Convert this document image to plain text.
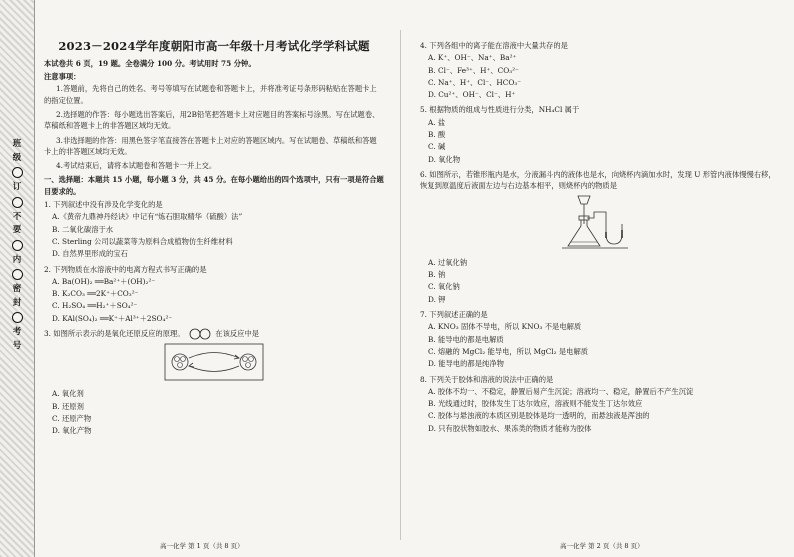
班
级
订
不
要
内
密
封
考
号
2023－2024学年度朝阳市高一年级十月考试化学学科试题
本试卷共 6 页，19 题。全卷满分 100 分。考试用时 75 分钟。
注意事项：
1.答题前，先将自己的姓名、考号等填写在试题卷和答题卡上，并将准考证号条形码粘贴在答题卡上的指定位置。
2.选择题的作答：每小题选出答案后，用2B铅笔把答题卡上对应题目的答案标号涂黑。写在试题卷、草稿纸和答题卡上的非答题区域均无效。
3.非选择题的作答：用黑色签字笔直接答在答题卡上对应的答题区域内。写在试题卷、草稿纸和答题卡上的非答题区域均无效。
4.考试结束后，请将本试题卷和答题卡一并上交。
一、选择题：本题共 15 小题，每小题 3 分，共 45 分。在每小题给出的四个选项中，只有一项是符合题目要求的。
1. 下列叙述中没有涉及化学变化的是
A.《黄帝九鼎神丹经诀》中记有“炼石胆取精华（硫酸）法”
B. 二氧化碳溶于水
C. Sterling 公司以蔬菜等为原料合成植物仿生纤维材料
D. 自然界里形成的宝石
2. 下列物质在水溶液中的电离方程式书写正确的是
A. Ba(OH)₂ ══Ba²⁺＋(OH)₂²⁻
B. K₂CO₃ ══2K⁺＋CO₃²⁻
C. H₂SO₄ ══H₂⁺＋SO₄²⁻
D. KAl(SO₄)₂ ══K⁺＋Al³⁺＋2SO₄²⁻
3. 如图所示表示的是氧化还原反应的原理。	在该反应中是
A. 氧化剂
B. 还原剂
C. 还原产物
D. 氧化产物
高一化学 第 1 页（共 8 页）
4. 下列各组中的离子能在溶液中大量共存的是
A. K⁺、OH⁻、Na⁺、Ba²⁺
B. Cl⁻、Fe³⁺、H⁺、CO₃²⁻
C. Na⁺、H⁺、Cl⁻、HCO₃⁻
D. Cu²⁺、OH⁻、Cl⁻、H⁺
5. 根据物质的组成与性质进行分类，NH₄Cl 属于
A. 盐
B. 酸
C. 碱
D. 氧化物
6. 如图所示，若锥形瓶内是水，分液漏斗内的液体也是水，向烧杯内滴加水时，发现 U 形管内液体慢慢右移，恢复到原温度后液面左边与右边基本相平，则烧杯内的物质是
A. 过氧化钠
B. 钠
C. 氧化钠
D. 钾
7. 下列叙述正确的是
A. KNO₃ 固体不导电，所以 KNO₃ 不是电解质
B. 能导电的都是电解质
C. 熔融的 MgCl₂ 能导电，所以 MgCl₂ 是电解质
D. 能导电的都是纯净物
8. 下列关于胶体和溶液的说法中正确的是
A. 胶体不均一、不稳定，静置后易产生沉淀；溶液均一、稳定，静置后不产生沉淀
B. 光线通过时，胶体发生丁达尔效应，溶液则不能发生丁达尔效应
C. 胶体与悬浊液的本质区别是胶体是均一透明的，而悬浊液是浑浊的
D. 只有胶状物如胶水、果冻类的物质才能称为胶体
高一化学 第 2 页（共 8 页）
